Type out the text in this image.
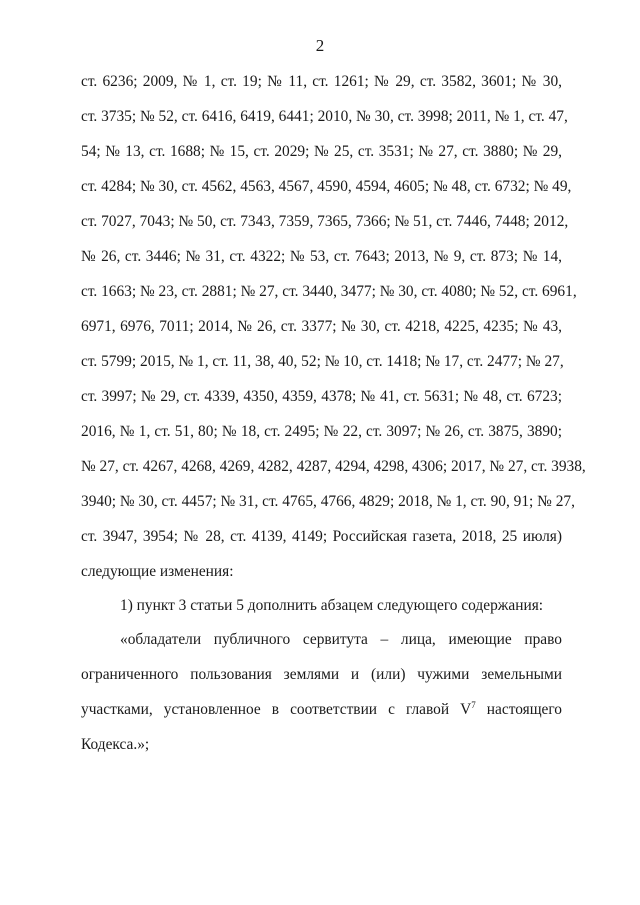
2
ст. 6236; 2009, № 1, ст. 19; № 11, ст. 1261; № 29, ст. 3582, 3601; № 30,
ст. 3735; № 52, ст. 6416, 6419, 6441; 2010, № 30, ст. 3998; 2011, № 1, ст. 47,
54; № 13, ст. 1688; № 15, ст. 2029; № 25, ст. 3531; № 27, ст. 3880; № 29,
ст. 4284; № 30, ст. 4562, 4563, 4567, 4590, 4594, 4605; № 48, ст. 6732; № 49,
ст. 7027, 7043; № 50, ст. 7343, 7359, 7365, 7366; № 51, ст. 7446, 7448; 2012,
№ 26, ст. 3446; № 31, ст. 4322; № 53, ст. 7643; 2013, № 9, ст. 873; № 14,
ст. 1663; № 23, ст. 2881; № 27, ст. 3440, 3477; № 30, ст. 4080; № 52, ст. 6961,
6971, 6976, 7011; 2014, № 26, ст. 3377; № 30, ст. 4218, 4225, 4235; № 43,
ст. 5799; 2015, № 1, ст. 11, 38, 40, 52; № 10, ст. 1418; № 17, ст. 2477; № 27,
ст. 3997; № 29, ст. 4339, 4350, 4359, 4378; № 41, ст. 5631; № 48, ст. 6723;
2016, № 1, ст. 51, 80; № 18, ст. 2495; № 22, ст. 3097; № 26, ст. 3875, 3890;
№ 27, ст. 4267, 4268, 4269, 4282, 4287, 4294, 4298, 4306; 2017, № 27, ст. 3938,
3940; № 30, ст. 4457; № 31, ст. 4765, 4766, 4829; 2018, № 1, ст. 90, 91; № 27,
ст. 3947, 3954; № 28, ст. 4139, 4149; Российская газета, 2018, 25 июля)
следующие изменения:
1) пункт 3 статьи 5 дополнить абзацем следующего содержания:
«обладатели публичного сервитута – лица, имеющие право
ограниченного пользования землями и (или) чужими земельными
участками, установленное в соответствии с главой $V^7$ настоящего
Кодекса.»;
